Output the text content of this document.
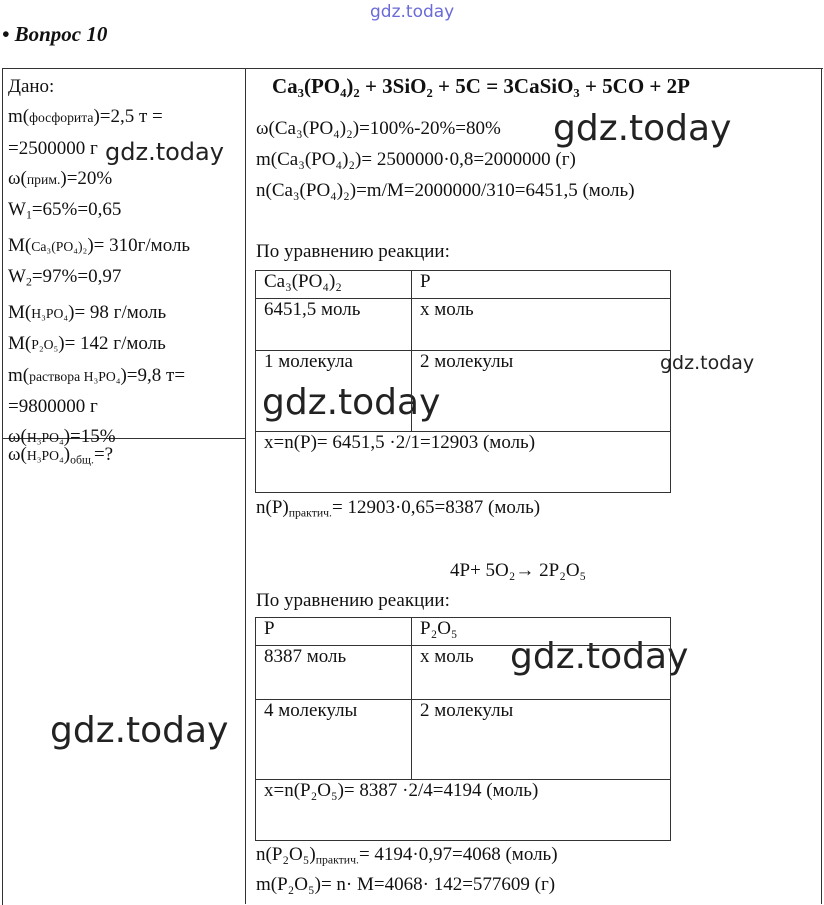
gdz.today
gdz.today
gdz.today
gdz.today
gdz.today
gdz.today
gdz.today
• Вопрос 10
Дано:
m(фосфорита)=2,5 т =
=2500000 г
ω(прим.)=20%
$W_1=65\%=0,65$
M(Ca₃(PO₄)₂)= 310г/моль
$W_2=97\%=0,97$
M(H₃PO₄)= 98 г/моль
M(P₂O₅)= 142 г/моль
m(раствора H₃PO₄)=9,8 т=
=9800000 г
ω(H₃PO₄)=15%
$\omega(H_3PO_4)_{общ.}=$?
Ca₃(PO₄)₂ + 3SiO₂ + 5C = 3CaSiO₃ + 5CO + 2P
ω(Ca₃(PO₄)₂)=100%-20%=80%
m(Ca₃(PO₄)₂)= 2500000·0,8=2000000 (г)
n(Ca₃(PO₄)₂)=m/M=2000000/310=6451,5 (моль)
По уравнению реакции:
Ca₃(PO₄)₂	P
6451,5 моль	x моль
1 молекула	2 молекулы
x=n(P)= 6451,5 ·2/1=12903 (моль)	
$n(P)_{практич.}= 12903\cdot 0,65=8387$ (моль)
4P+ 5O₂→ 2P₂O₅
По уравнению реакции:
P	P₂O₅
8387 моль	x моль
4 молекулы	2 молекулы
x=n(P₂O₅)= 8387 ·2/4=4194 (моль)	
$n(P_2O_5)_{практич.}= 4194\cdot 0,97=4068$ (моль)
m(P₂O₅)= n· M=4068· 142=577609 (г)
